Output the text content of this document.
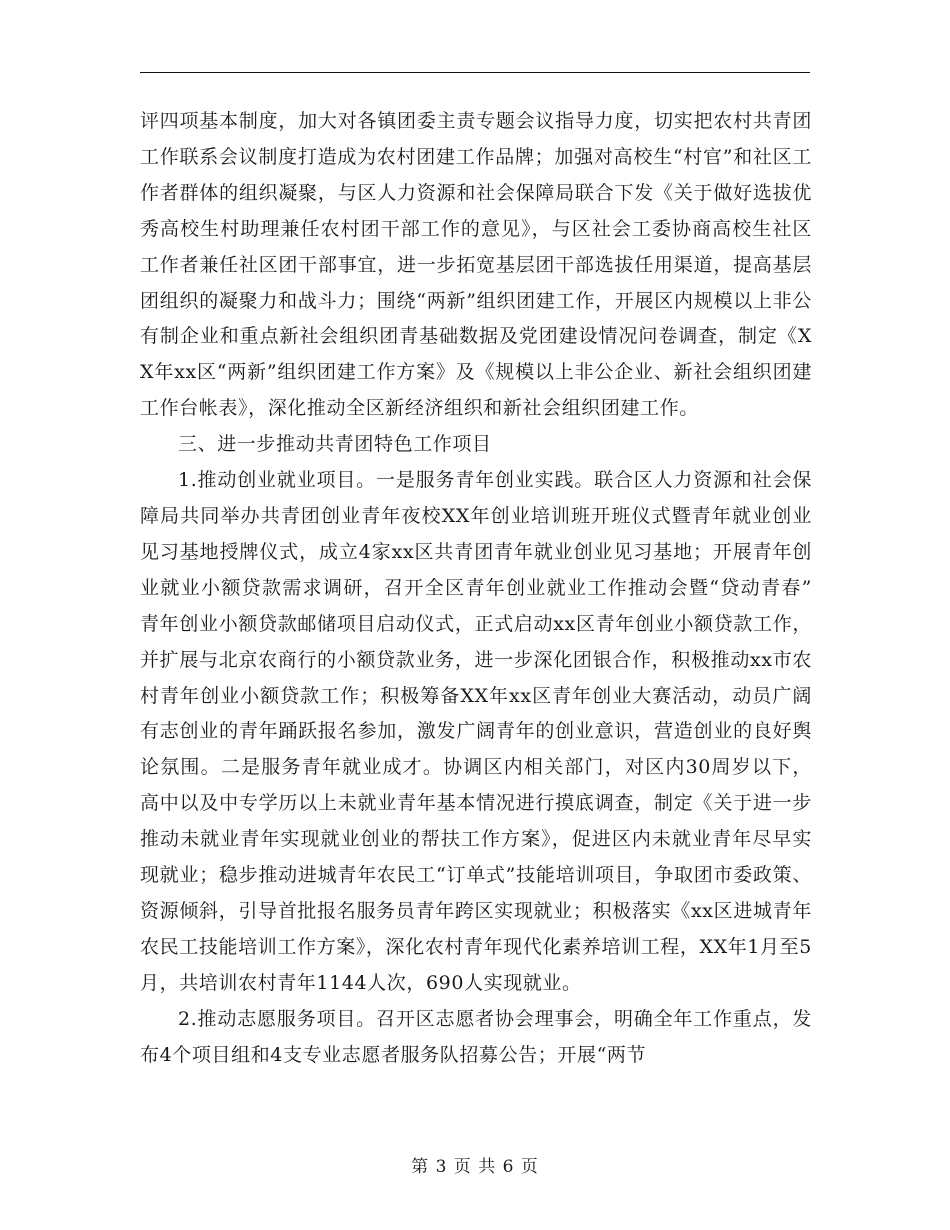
评四项基本制度，加大对各镇团委主责专题会议指导力度，切实把农村共青团工作联系会议制度打造成为农村团建工作品牌；加强对高校生“村官”和社区工作者群体的组织凝聚，与区人力资源和社会保障局联合下发《关于做好选拔优秀高校生村助理兼任农村团干部工作的意见》，与区社会工委协商高校生社区工作者兼任社区团干部事宜，进一步拓宽基层团干部选拔任用渠道，提高基层团组织的凝聚力和战斗力；围绕“两新”组织团建工作，开展区内规模以上非公有制企业和重点新社会组织团青基础数据及党团建设情况问卷调查，制定《XX年xx区“两新”组织团建工作方案》及《规模以上非公企业、新社会组织团建工作台帐表》，深化推动全区新经济组织和新社会组织团建工作。

三、进一步推动共青团特色工作项目

1.推动创业就业项目。一是服务青年创业实践。联合区人力资源和社会保障局共同举办共青团创业青年夜校XX年创业培训班开班仪式暨青年就业创业见习基地授牌仪式，成立4家xx区共青团青年就业创业见习基地；开展青年创业就业小额贷款需求调研，召开全区青年创业就业工作推动会暨“贷动青春” 青年创业小额贷款邮储项目启动仪式，正式启动xx区青年创业小额贷款工作，并扩展与北京农商行的小额贷款业务，进一步深化团银合作，积极推动xx市农村青年创业小额贷款工作；积极筹备XX年xx区青年创业大赛活动，动员广阔有志创业的青年踊跃报名参加，激发广阔青年的创业意识，营造创业的良好舆论氛围。二是服务青年就业成才。协调区内相关部门，对区内30周岁以下，高中以及中专学历以上未就业青年基本情况进行摸底调查，制定《关于进一步推动未就业青年实现就业创业的帮扶工作方案》，促进区内未就业青年尽早实现就业；稳步推动进城青年农民工“订单式”技能培训项目，争取团市委政策、资源倾斜，引导首批报名服务员青年跨区实现就业；积极落实《xx区进城青年农民工技能培训工作方案》，深化农村青年现代化素养培训工程，XX年1月至5月，共培训农村青年1144人次，690人实现就业。

2.推动志愿服务项目。召开区志愿者协会理事会，明确全年工作重点，发布4个项目组和4支专业志愿者服务队招募公告；开展“两节

第 3 页 共 6 页
